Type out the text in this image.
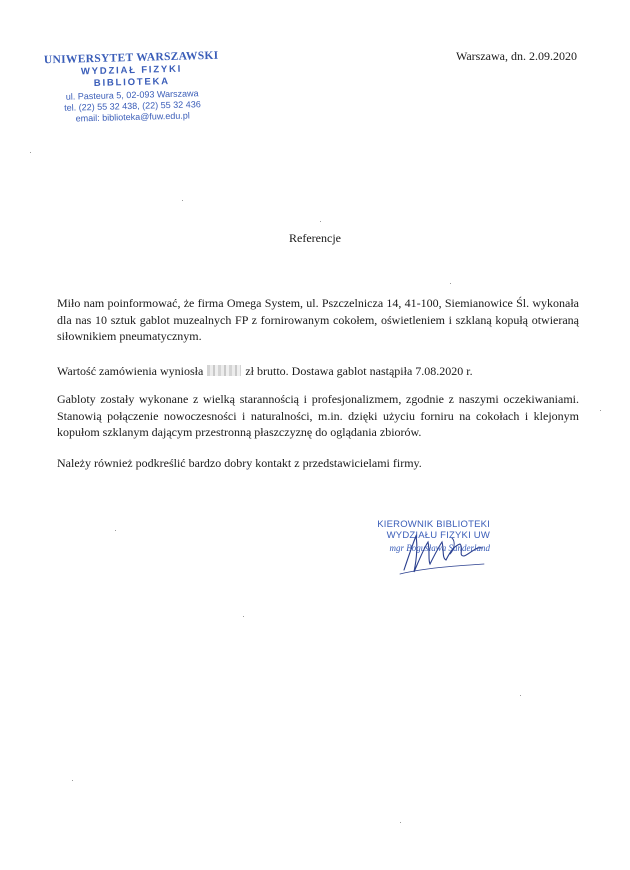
UNIWERSYTET WARSZAWSKI
WYDZIAŁ FIZYKI
BIBLIOTEKA
ul. Pasteura 5, 02-093 Warszawa
tel. (22) 55 32 438, (22) 55 32 436
email: biblioteka@fuw.edu.pl
Warszawa, dn. 2.09.2020
Referencje
Miło nam poinformować, że firma Omega System, ul. Pszczelnicza 14, 41-100, Siemianowice Śl. wykonała dla nas 10 sztuk gablot muzealnych FP z fornirowanym cokołem, oświetleniem i szklaną kopułą otwieraną siłownikiem pneumatycznym.
Wartość zamówienia wyniosła	zł brutto. Dostawa gablot nastąpiła 7.08.2020 r.
Gabloty zostały wykonane z wielką starannością i profesjonalizmem, zgodnie z naszymi oczekiwaniami. Stanowią połączenie nowoczesności i naturalności, m.in. dzięki użyciu forniru na cokołach i klejonym kopułom szklanym dającym przestronną płaszczyznę do oglądania zbiorów.
Należy również podkreślić bardzo dobry kontakt z przedstawicielami firmy.
KIEROWNIK BIBLIOTEKI
WYDZIAŁU FIZYKI UW
mgr Bogusława Sunderland
